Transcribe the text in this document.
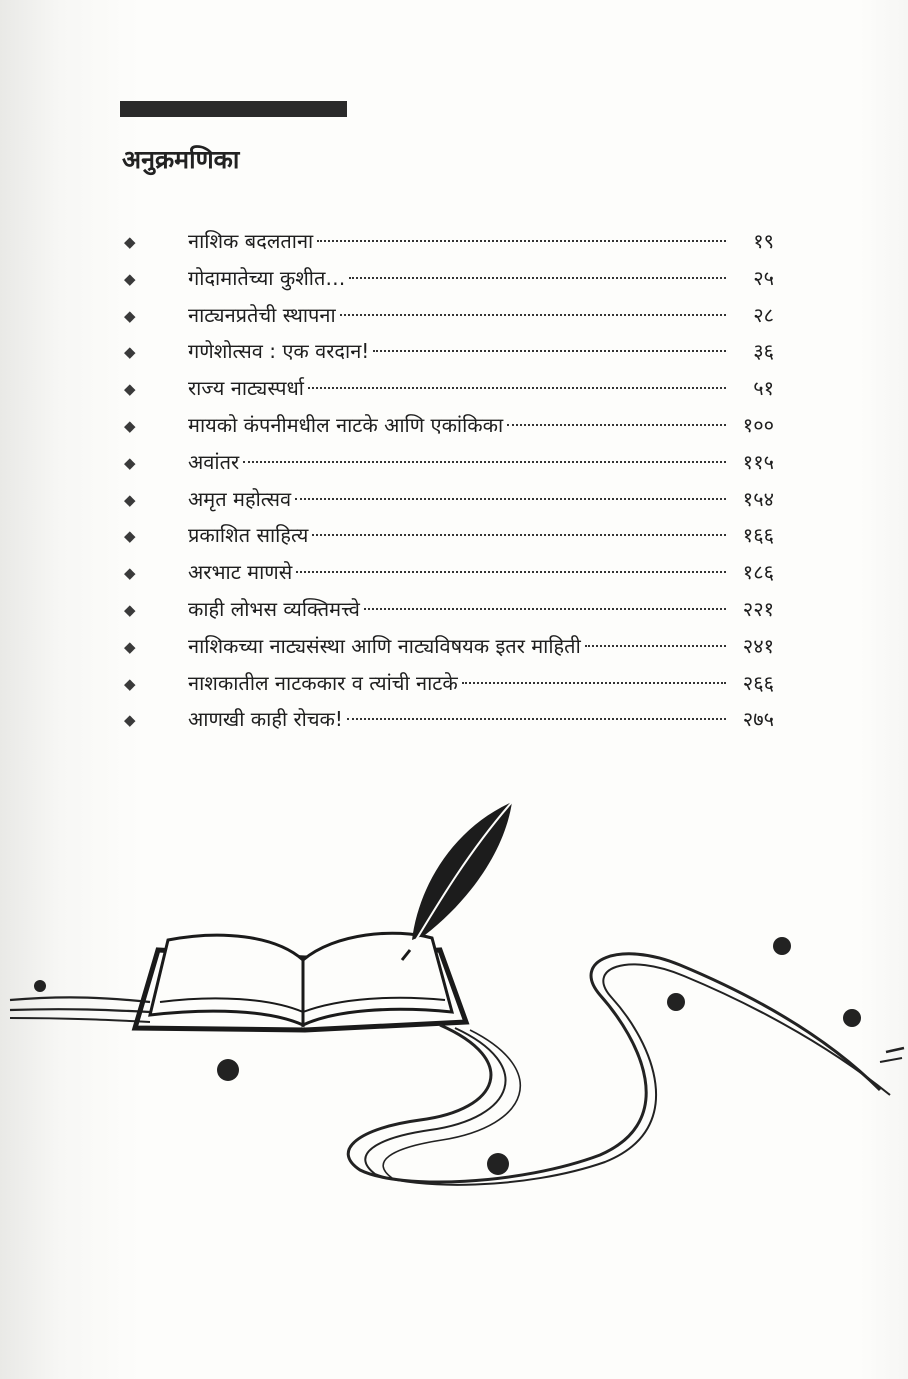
अनुक्रमणिका
◆	नाशिक बदलताना	१९
◆	गोदामातेच्या कुशीत…	२५
◆	नाट्यनप्रतेची स्थापना	२८
◆	गणेशोत्सव : एक वरदान!	३६
◆	राज्य नाट्यस्पर्धा	५१
◆	मायको कंपनीमधील नाटके आणि एकांकिका	१००
◆	अवांतर	११५
◆	अमृत महोत्सव	१५४
◆	प्रकाशित साहित्य	१६६
◆	अरभाट माणसे	१८६
◆	काही लोभस व्यक्तिमत्त्वे	२२१
◆	नाशिकच्या नाट्यसंस्था आणि नाट्यविषयक इतर माहिती	२४१
◆	नाशकातील नाटककार व त्यांची नाटके	२६६
◆	आणखी काही रोचक!	२७५
